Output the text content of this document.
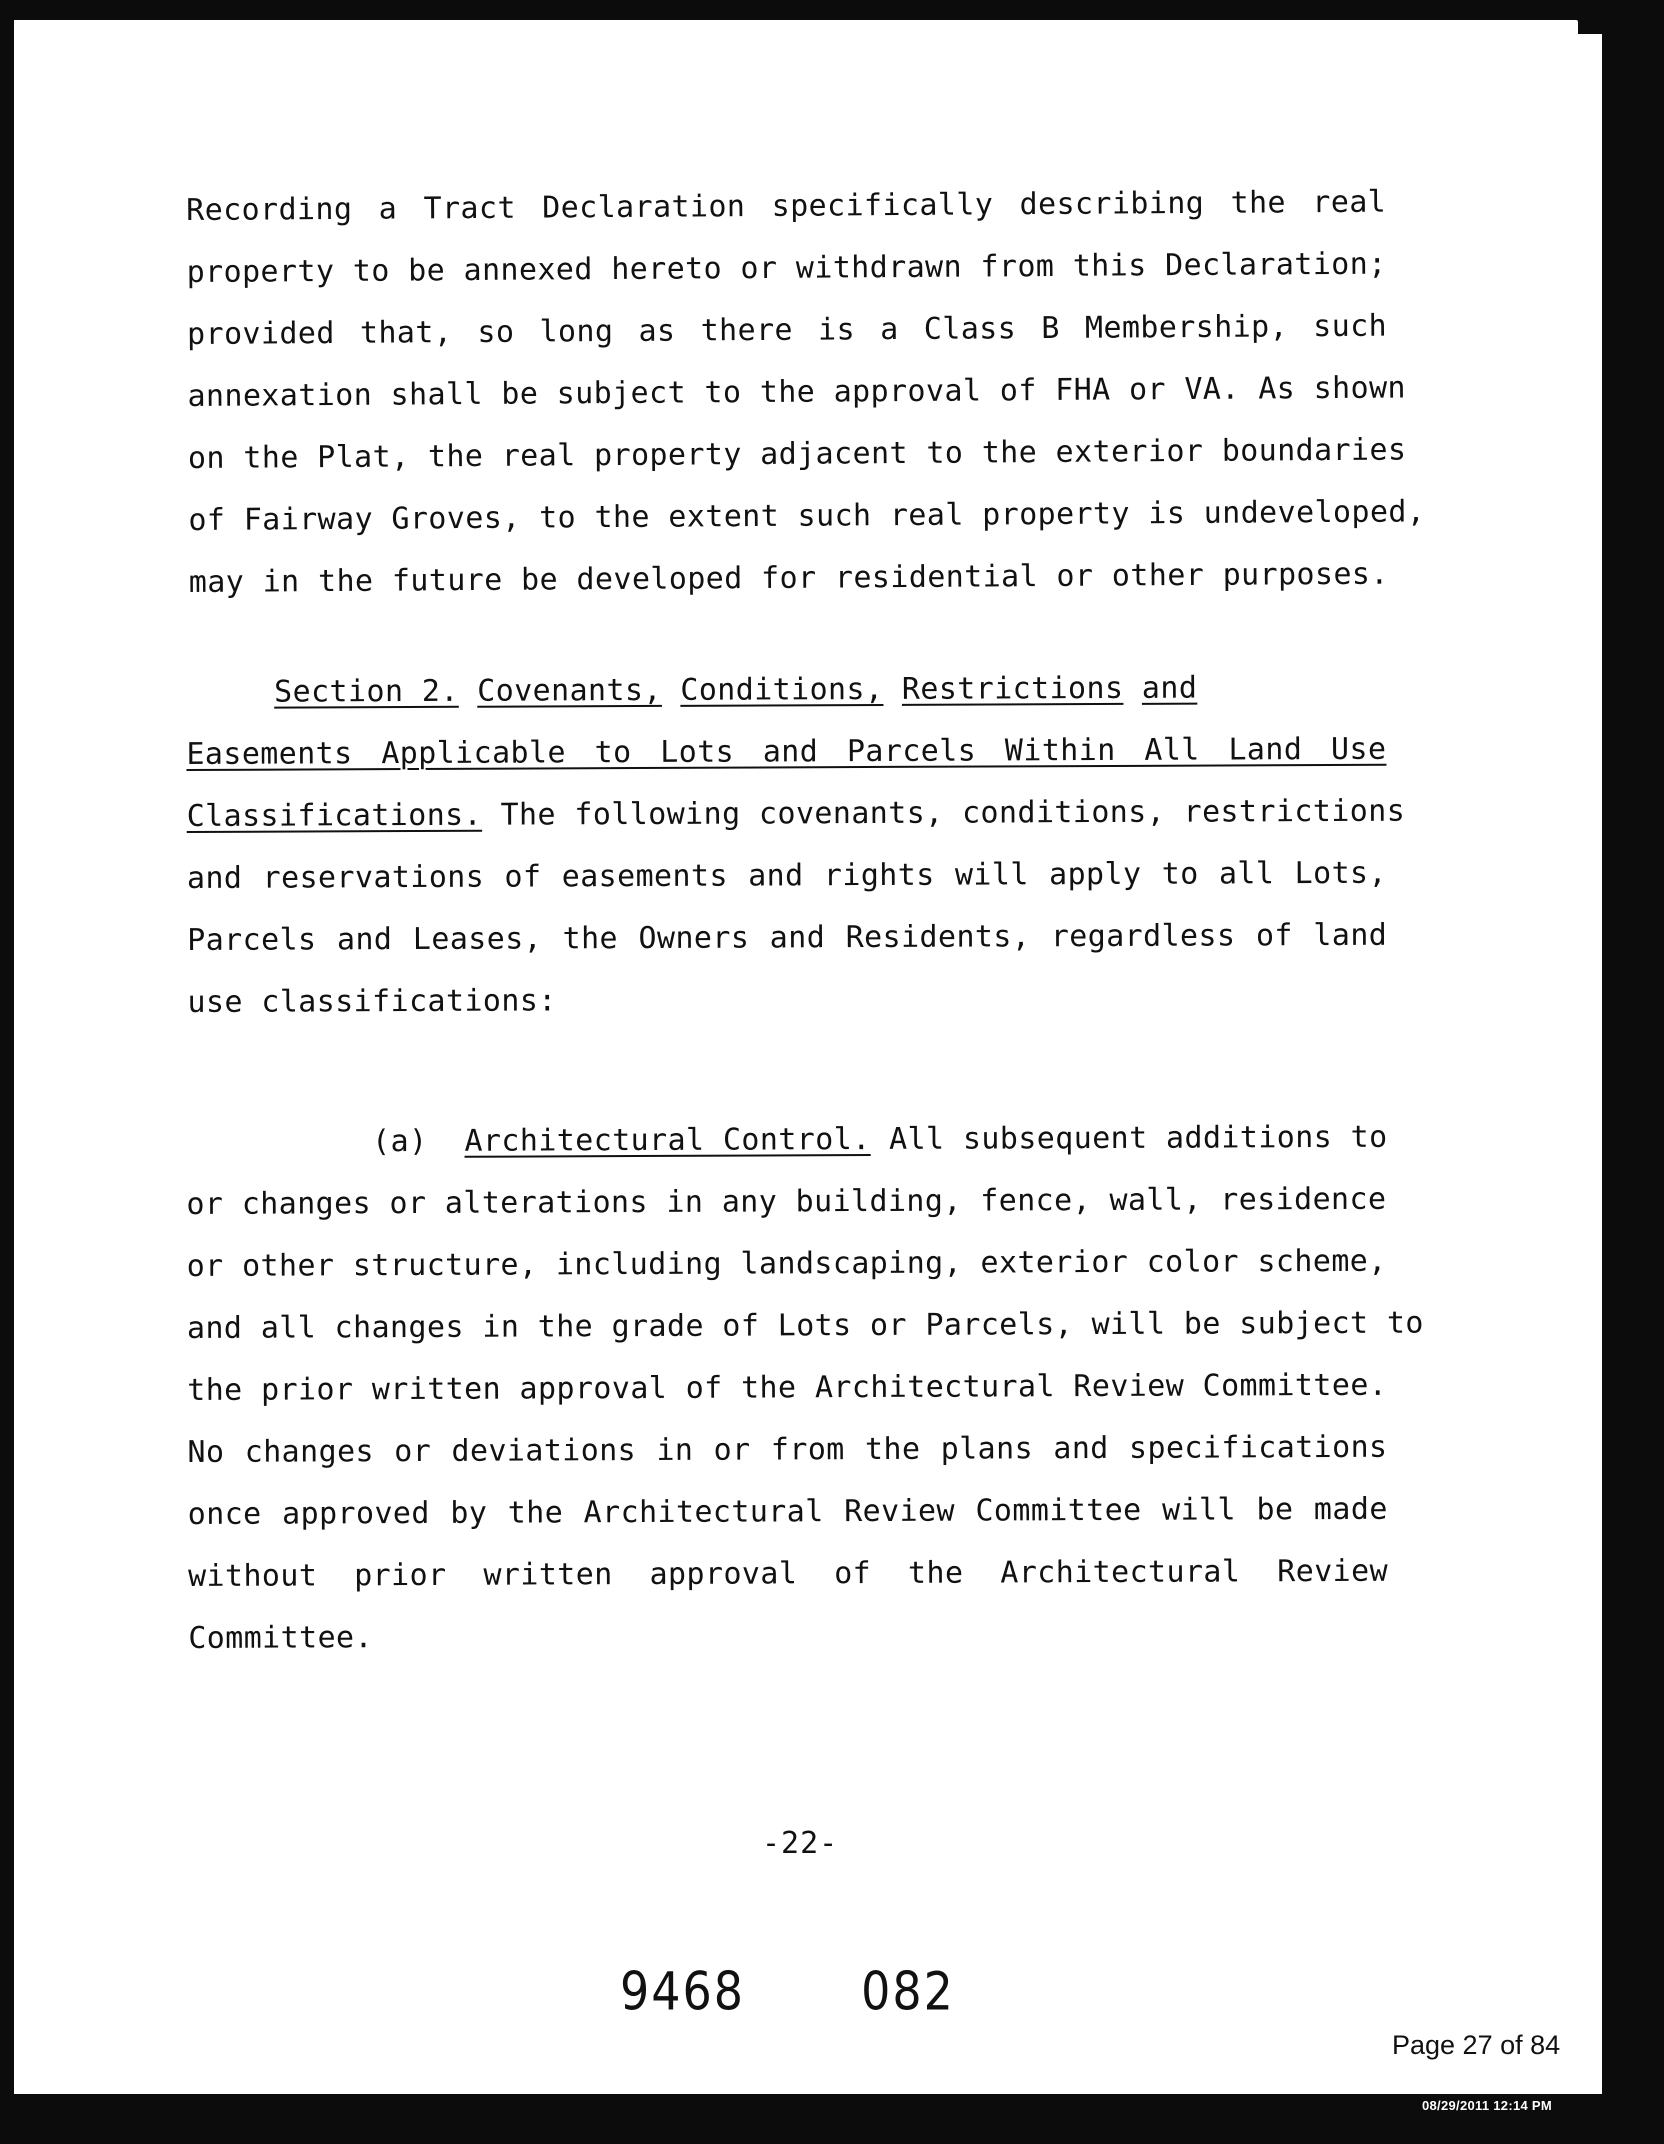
Recording a Tract Declaration specifically describing the real
property to be annexed hereto or withdrawn from this Declaration;
provided that, so long as there is a Class B Membership, such
annexation shall be subject to the approval of FHA or VA. As shown
on the Plat, the real property adjacent to the exterior boundaries
of Fairway Groves, to the extent such real property is undeveloped,
may in the future be developed for residential or other purposes.
Section 2. Covenants, Conditions, Restrictions and
Easements Applicable to Lots and Parcels Within All Land Use
Classifications. The following covenants, conditions, restrictions
and reservations of easements and rights will apply to all Lots,
Parcels and Leases, the Owners and Residents, regardless of land
use classifications:
(a) Architectural Control. All subsequent additions to
or changes or alterations in any building, fence, wall, residence
or other structure, including landscaping, exterior color scheme,
and all changes in the grade of Lots or Parcels, will be subject to
the prior written approval of the Architectural Review Committee.
No changes or deviations in or from the plans and specifications
once approved by the Architectural Review Committee will be made
without prior written approval of the Architectural Review
Committee.
-22-
9468	082
Page 27 of 84
08/29/2011 12:14 PM
